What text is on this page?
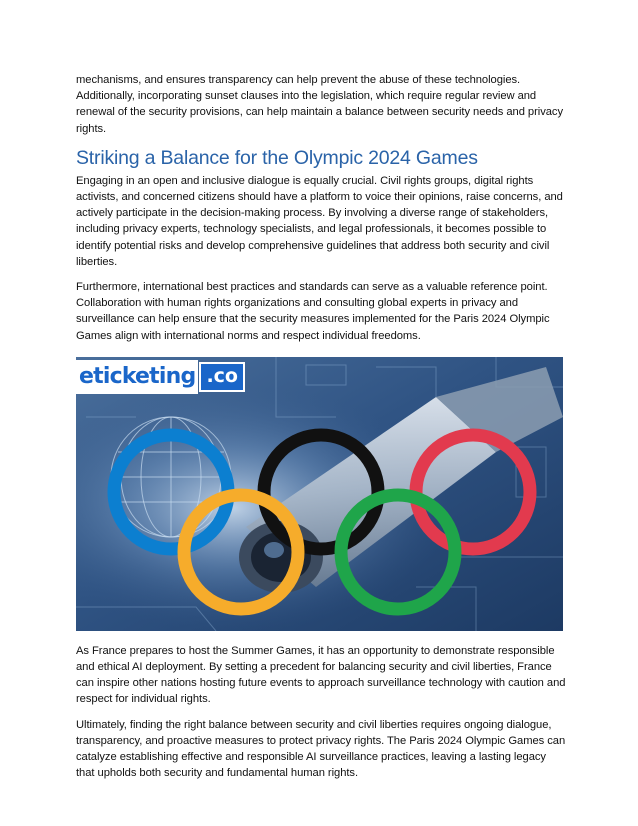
mechanisms, and ensures transparency can help prevent the abuse of these technologies. Additionally, incorporating sunset clauses into the legislation, which require regular review and renewal of the security provisions, can help maintain a balance between security needs and privacy rights.

Striking a Balance for the Olympic 2024 Games

Engaging in an open and inclusive dialogue is equally crucial. Civil rights groups, digital rights activists, and concerned citizens should have a platform to voice their opinions, raise concerns, and actively participate in the decision-making process. By involving a diverse range of stakeholders, including privacy experts, technology specialists, and legal professionals, it becomes possible to identify potential risks and develop comprehensive guidelines that address both security and civil liberties.

Furthermore, international best practices and standards can serve as a valuable reference point. Collaboration with human rights organizations and consulting global experts in privacy and surveillance can help ensure that the security measures implemented for the Paris 2024 Olympic Games align with international norms and respect individual freedoms.

eticketing .co

As France prepares to host the Summer Games, it has an opportunity to demonstrate responsible and ethical AI deployment. By setting a precedent for balancing security and civil liberties, France can inspire other nations hosting future events to approach surveillance technology with caution and respect for individual rights.

Ultimately, finding the right balance between security and civil liberties requires ongoing dialogue, transparency, and proactive measures to protect privacy rights. The Paris 2024 Olympic Games can catalyze establishing effective and responsible AI surveillance practices, leaving a lasting legacy that upholds both security and fundamental human rights.
